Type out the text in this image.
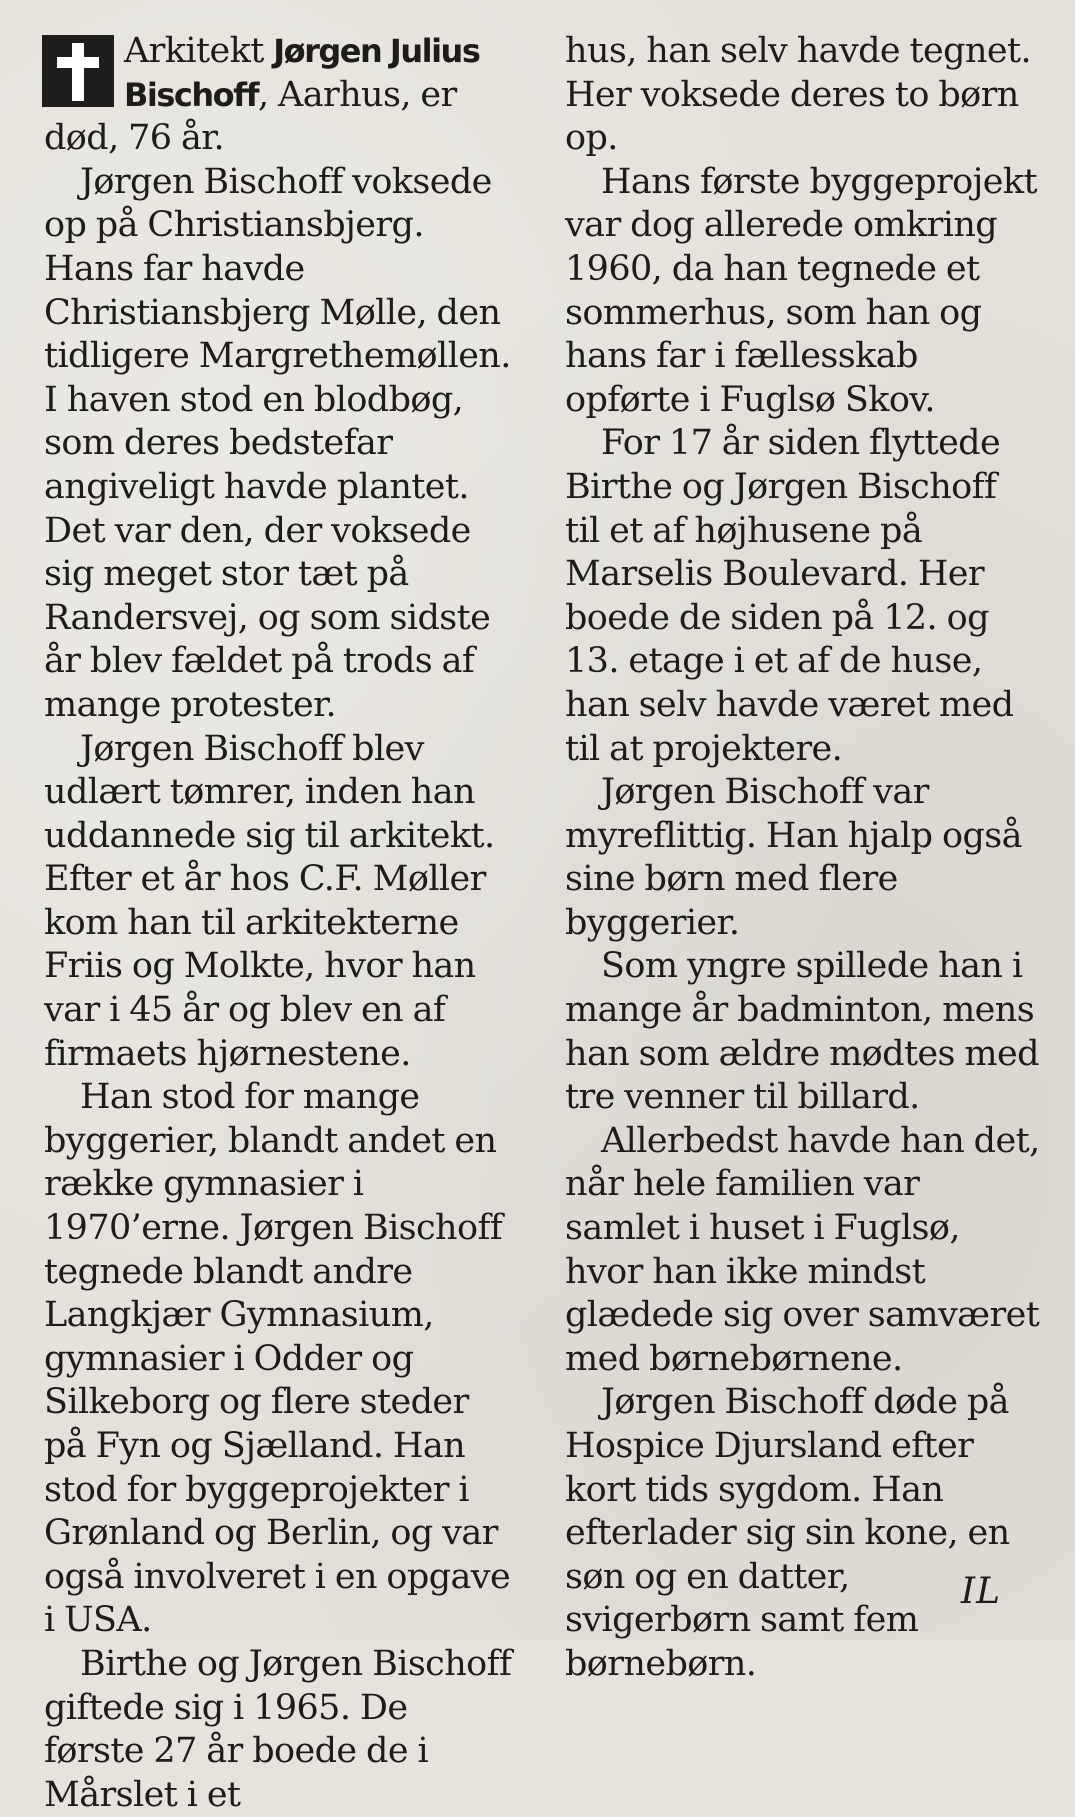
Arkitekt Jørgen Julius Bischoff, Aarhus, er død, 76 år.

Jørgen Bischoff voksede op på Christiansbjerg. Hans far havde Christiansbjerg Mølle, den tidligere Margrethemøllen. I haven stod en blodbøg, som deres bedstefar angiveligt havde plantet. Det var den, der voksede sig meget stor tæt på Randersvej, og som sidste år blev fældet på trods af mange protester.

Jørgen Bischoff blev udlært tømrer, inden han uddannede sig til arkitekt. Efter et år hos C.F. Møller kom han til arkitekterne Friis og Molkte, hvor han var i 45 år og blev en af firmaets hjørnestene.

Han stod for mange byggerier, blandt andet en række gymnasier i 1970’erne. Jørgen Bischoff tegnede blandt andre Langkjær Gymnasium, gymnasier i Odder og Silkeborg og flere steder på Fyn og Sjælland. Han stod for byggeprojekter i Grønland og Berlin, og var også involveret i en opgave i USA.

Birthe og Jørgen Bischoff giftede sig i 1965. De første 27 år boede de i Mårslet i et

hus, han selv havde tegnet. Her voksede deres to børn op.

Hans første byggeprojekt var dog allerede omkring 1960, da han tegnede et sommerhus, som han og hans far i fællesskab opførte i Fuglsø Skov.

For 17 år siden flyttede Birthe og Jørgen Bischoff til et af højhusene på Marselis Boulevard. Her boede de siden på 12. og 13. etage i et af de huse, han selv havde været med til at projektere.

Jørgen Bischoff var myreflittig. Han hjalp også sine børn med flere byggerier.

Som yngre spillede han i mange år badminton, mens han som ældre mødtes med tre venner til billard.

Allerbedst havde han det, når hele familien var samlet i huset i Fuglsø, hvor han ikke mindst glædede sig over samværet med børnebørnene.

Jørgen Bischoff døde på Hospice Djursland efter kort tids sygdom. Han efterlader sig sin kone, en søn og en datter, svigerbørn samt fem børnebørn.

IL
